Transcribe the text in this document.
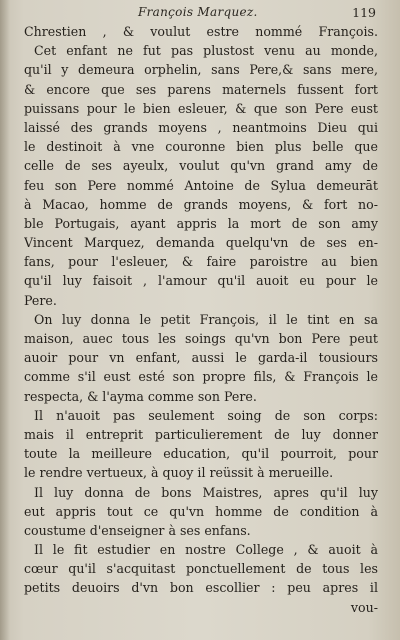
François Marquez.	119
Chrestien , & voulut estre nommé François.
Cet enfant ne fut pas plustost venu au monde,
qu'il y demeura orphelin, sans Pere,& sans mere,
& encore que ses parens maternels fussent fort
puissans pour le bien esleuer, & que son Pere eust
laissé des grands moyens , neantmoins Dieu qui
le destinoit à vne couronne bien plus belle que
celle de ses ayeulx, voulut qu'vn grand amy de
feu son Pere nommé Antoine de Sylua demeurāt
à Macao, homme de grands moyens, & fort no-
ble Portugais, ayant appris la mort de son amy
Vincent Marquez, demanda quelqu'vn de ses en-
fans, pour l'esleuer, & faire paroistre au bien
qu'il luy faisoit , l'amour qu'il auoit eu pour le
Pere.
On luy donna le petit François, il le tint en sa
maison, auec tous les soings qu'vn bon Pere peut
auoir pour vn enfant, aussi le garda-il tousiours
comme s'il eust esté son propre fils, & François le
respecta, & l'ayma comme son Pere.
Il n'auoit pas seulement soing de son corps:
mais il entreprit particulierement de luy donner
toute la meilleure education, qu'il pourroit, pour
le rendre vertueux, à quoy il reüssit à merueille.
Il luy donna de bons Maistres, apres qu'il luy
eut appris tout ce qu'vn homme de condition à
coustume d'enseigner à ses enfans.
Il le fit estudier en nostre College , & auoit à
cœur qu'il s'acquitast ponctuellement de tous les
petits deuoirs d'vn bon escollier : peu apres il
vou-
